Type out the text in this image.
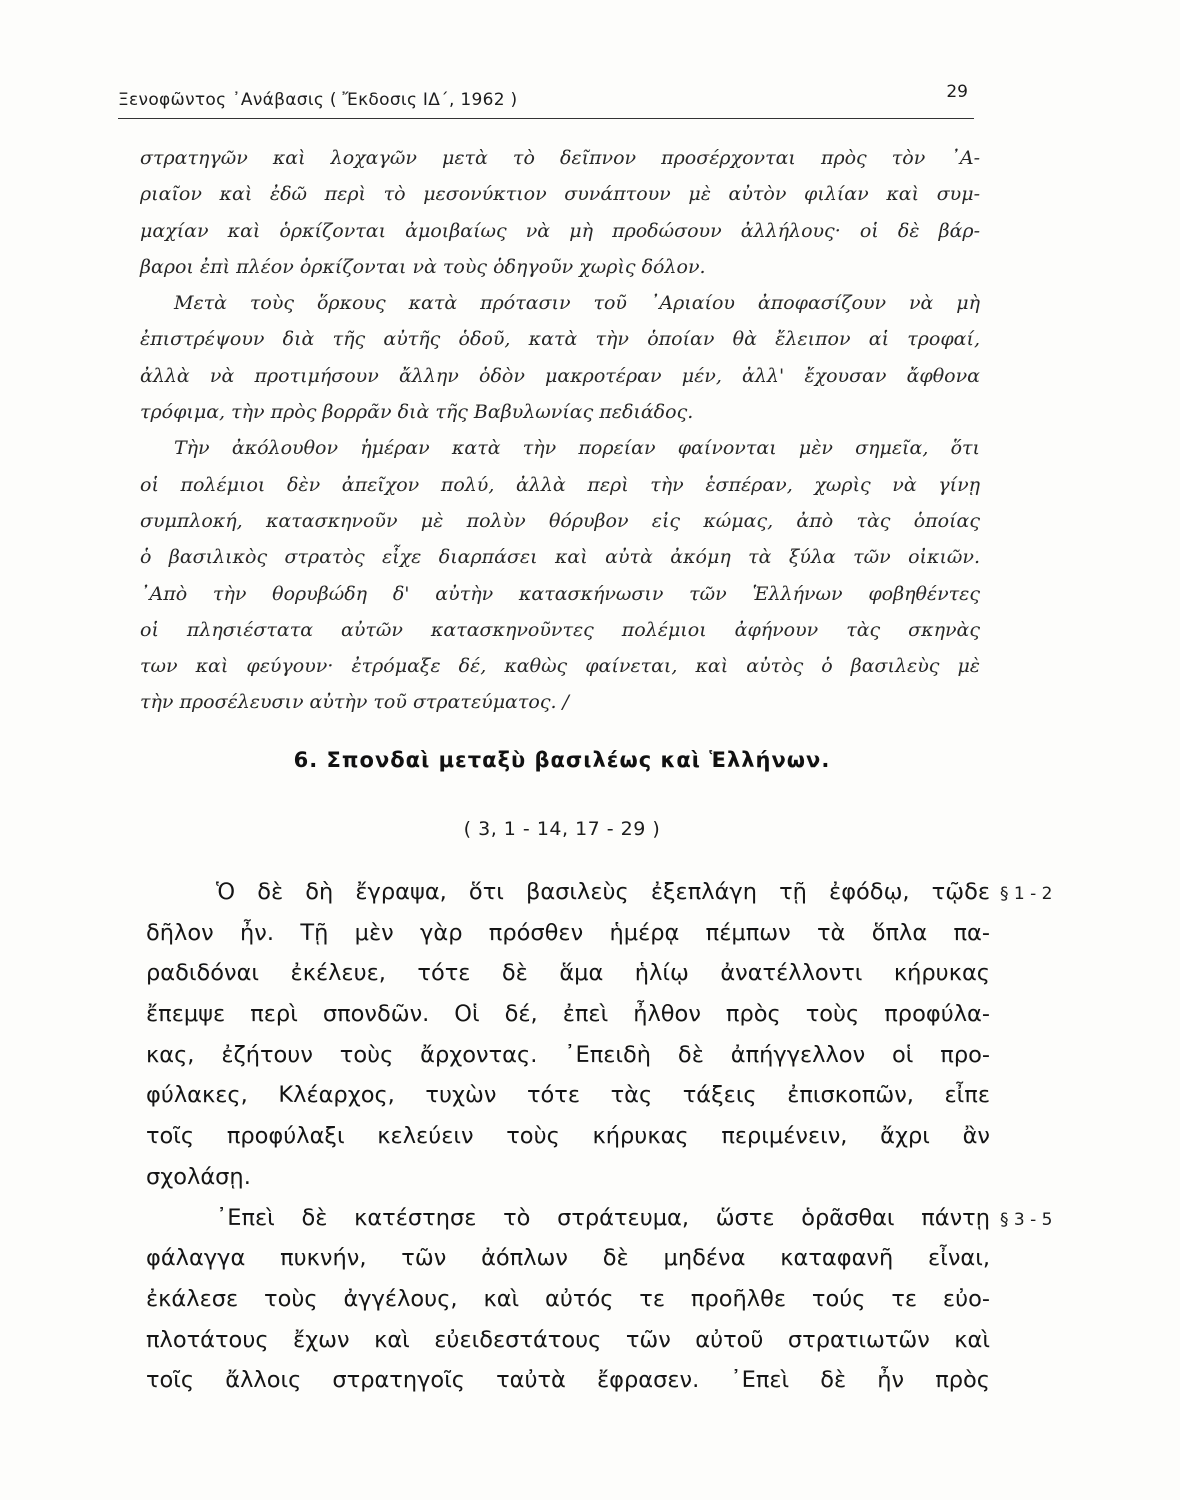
Ξενοφῶντος ᾿Ανάβασις ( Ἔκδοσις ΙΔ΄, 1962 )	29
στρατηγῶν καὶ λοχαγῶν μετὰ τὸ δεῖπνον προσέρχονται πρὸς τὸν ᾿Α-
ριαῖον καὶ ἐδῶ περὶ τὸ μεσονύκτιον συνάπτουν μὲ αὐτὸν φιλίαν καὶ συμ-
μαχίαν καὶ ὁρκίζονται ἀμοιβαίως νὰ μὴ προδώσουν ἀλλήλους· οἱ δὲ βάρ-
βαροι ἐπὶ πλέον ὁρκίζονται νὰ τοὺς ὁδηγοῦν χωρὶς δόλον.
Μετὰ τοὺς ὅρκους κατὰ πρότασιν τοῦ ᾿Αριαίου ἀποφασίζουν νὰ μὴ
ἐπιστρέψουν διὰ τῆς αὐτῆς ὁδοῦ, κατὰ τὴν ὁποίαν θὰ ἔλειπον αἱ τροφαί,
ἀλλὰ νὰ προτιμήσουν ἄλλην ὁδὸν μακροτέραν μέν, ἀλλ' ἔχουσαν ἄφθονα
τρόφιμα, τὴν πρὸς βορρᾶν διὰ τῆς Βαβυλωνίας πεδιάδος.
Τὴν ἀκόλουθον ἡμέραν κατὰ τὴν πορείαν φαίνονται μὲν σημεῖα, ὅτι
οἱ πολέμιοι δὲν ἀπεῖχον πολύ, ἀλλὰ περὶ τὴν ἑσπέραν, χωρὶς νὰ γίνῃ
συμπλοκή, κατασκηνοῦν μὲ πολὺν θόρυβον εἰς κώμας, ἀπὸ τὰς ὁποίας
ὁ βασιλικὸς στρατὸς εἶχε διαρπάσει καὶ αὐτὰ ἀκόμη τὰ ξύλα τῶν οἰκιῶν.
᾿Απὸ τὴν θορυβώδη δ' αὐτὴν κατασκήνωσιν τῶν Ἑλλήνων φοβηθέντες
οἱ πλησιέστατα αὐτῶν κατασκηνοῦντες πολέμιοι ἀφήνουν τὰς σκηνὰς
των καὶ φεύγουν· ἐτρόμαξε δέ, καθὼς φαίνεται, καὶ αὐτὸς ὁ βασιλεὺς μὲ
τὴν προσέλευσιν αὐτὴν τοῦ στρατεύματος. /
6. Σπονδαὶ μεταξὺ βασιλέως καὶ Ἑλλήνων.
( 3, 1 - 14, 17 - 29 )
Ὁ δὲ δὴ ἔγραψα, ὅτι βασιλεὺς ἐξεπλάγη τῇ ἐφόδῳ, τῷδε
δῆλον ἦν. Τῇ μὲν γὰρ πρόσθεν ἡμέρᾳ πέμπων τὰ ὅπλα πα-
ραδιδόναι ἐκέλευε, τότε δὲ ἅμα ἡλίῳ ἀνατέλλοντι κήρυκας
ἔπεμψε περὶ σπονδῶν. Οἱ δέ, ἐπεὶ ἦλθον πρὸς τοὺς προφύλα-
κας, ἐζήτουν τοὺς ἄρχοντας. ᾿Επειδὴ δὲ ἀπήγγελλον οἱ προ-
φύλακες, Κλέαρχος, τυχὼν τότε τὰς τάξεις ἐπισκοπῶν, εἶπε
τοῖς προφύλαξι κελεύειν τοὺς κήρυκας περιμένειν, ἄχρι ἂν
σχολάσῃ.
᾿Επεὶ δὲ κατέστησε τὸ στράτευμα, ὥστε ὁρᾶσθαι πάντῃ
φάλαγγα πυκνήν, τῶν ἀόπλων δὲ μηδένα καταφανῆ εἶναι,
ἐκάλεσε τοὺς ἀγγέλους, καὶ αὐτός τε προῆλθε τούς τε εὐο-
πλοτάτους ἔχων καὶ εὐειδεστάτους τῶν αὐτοῦ στρατιωτῶν καὶ
τοῖς ἄλλοις στρατηγοῖς ταὐτὰ ἔφρασεν. ᾿Επεὶ δὲ ἦν πρὸς
§ 1 - 2
§ 3 - 5
